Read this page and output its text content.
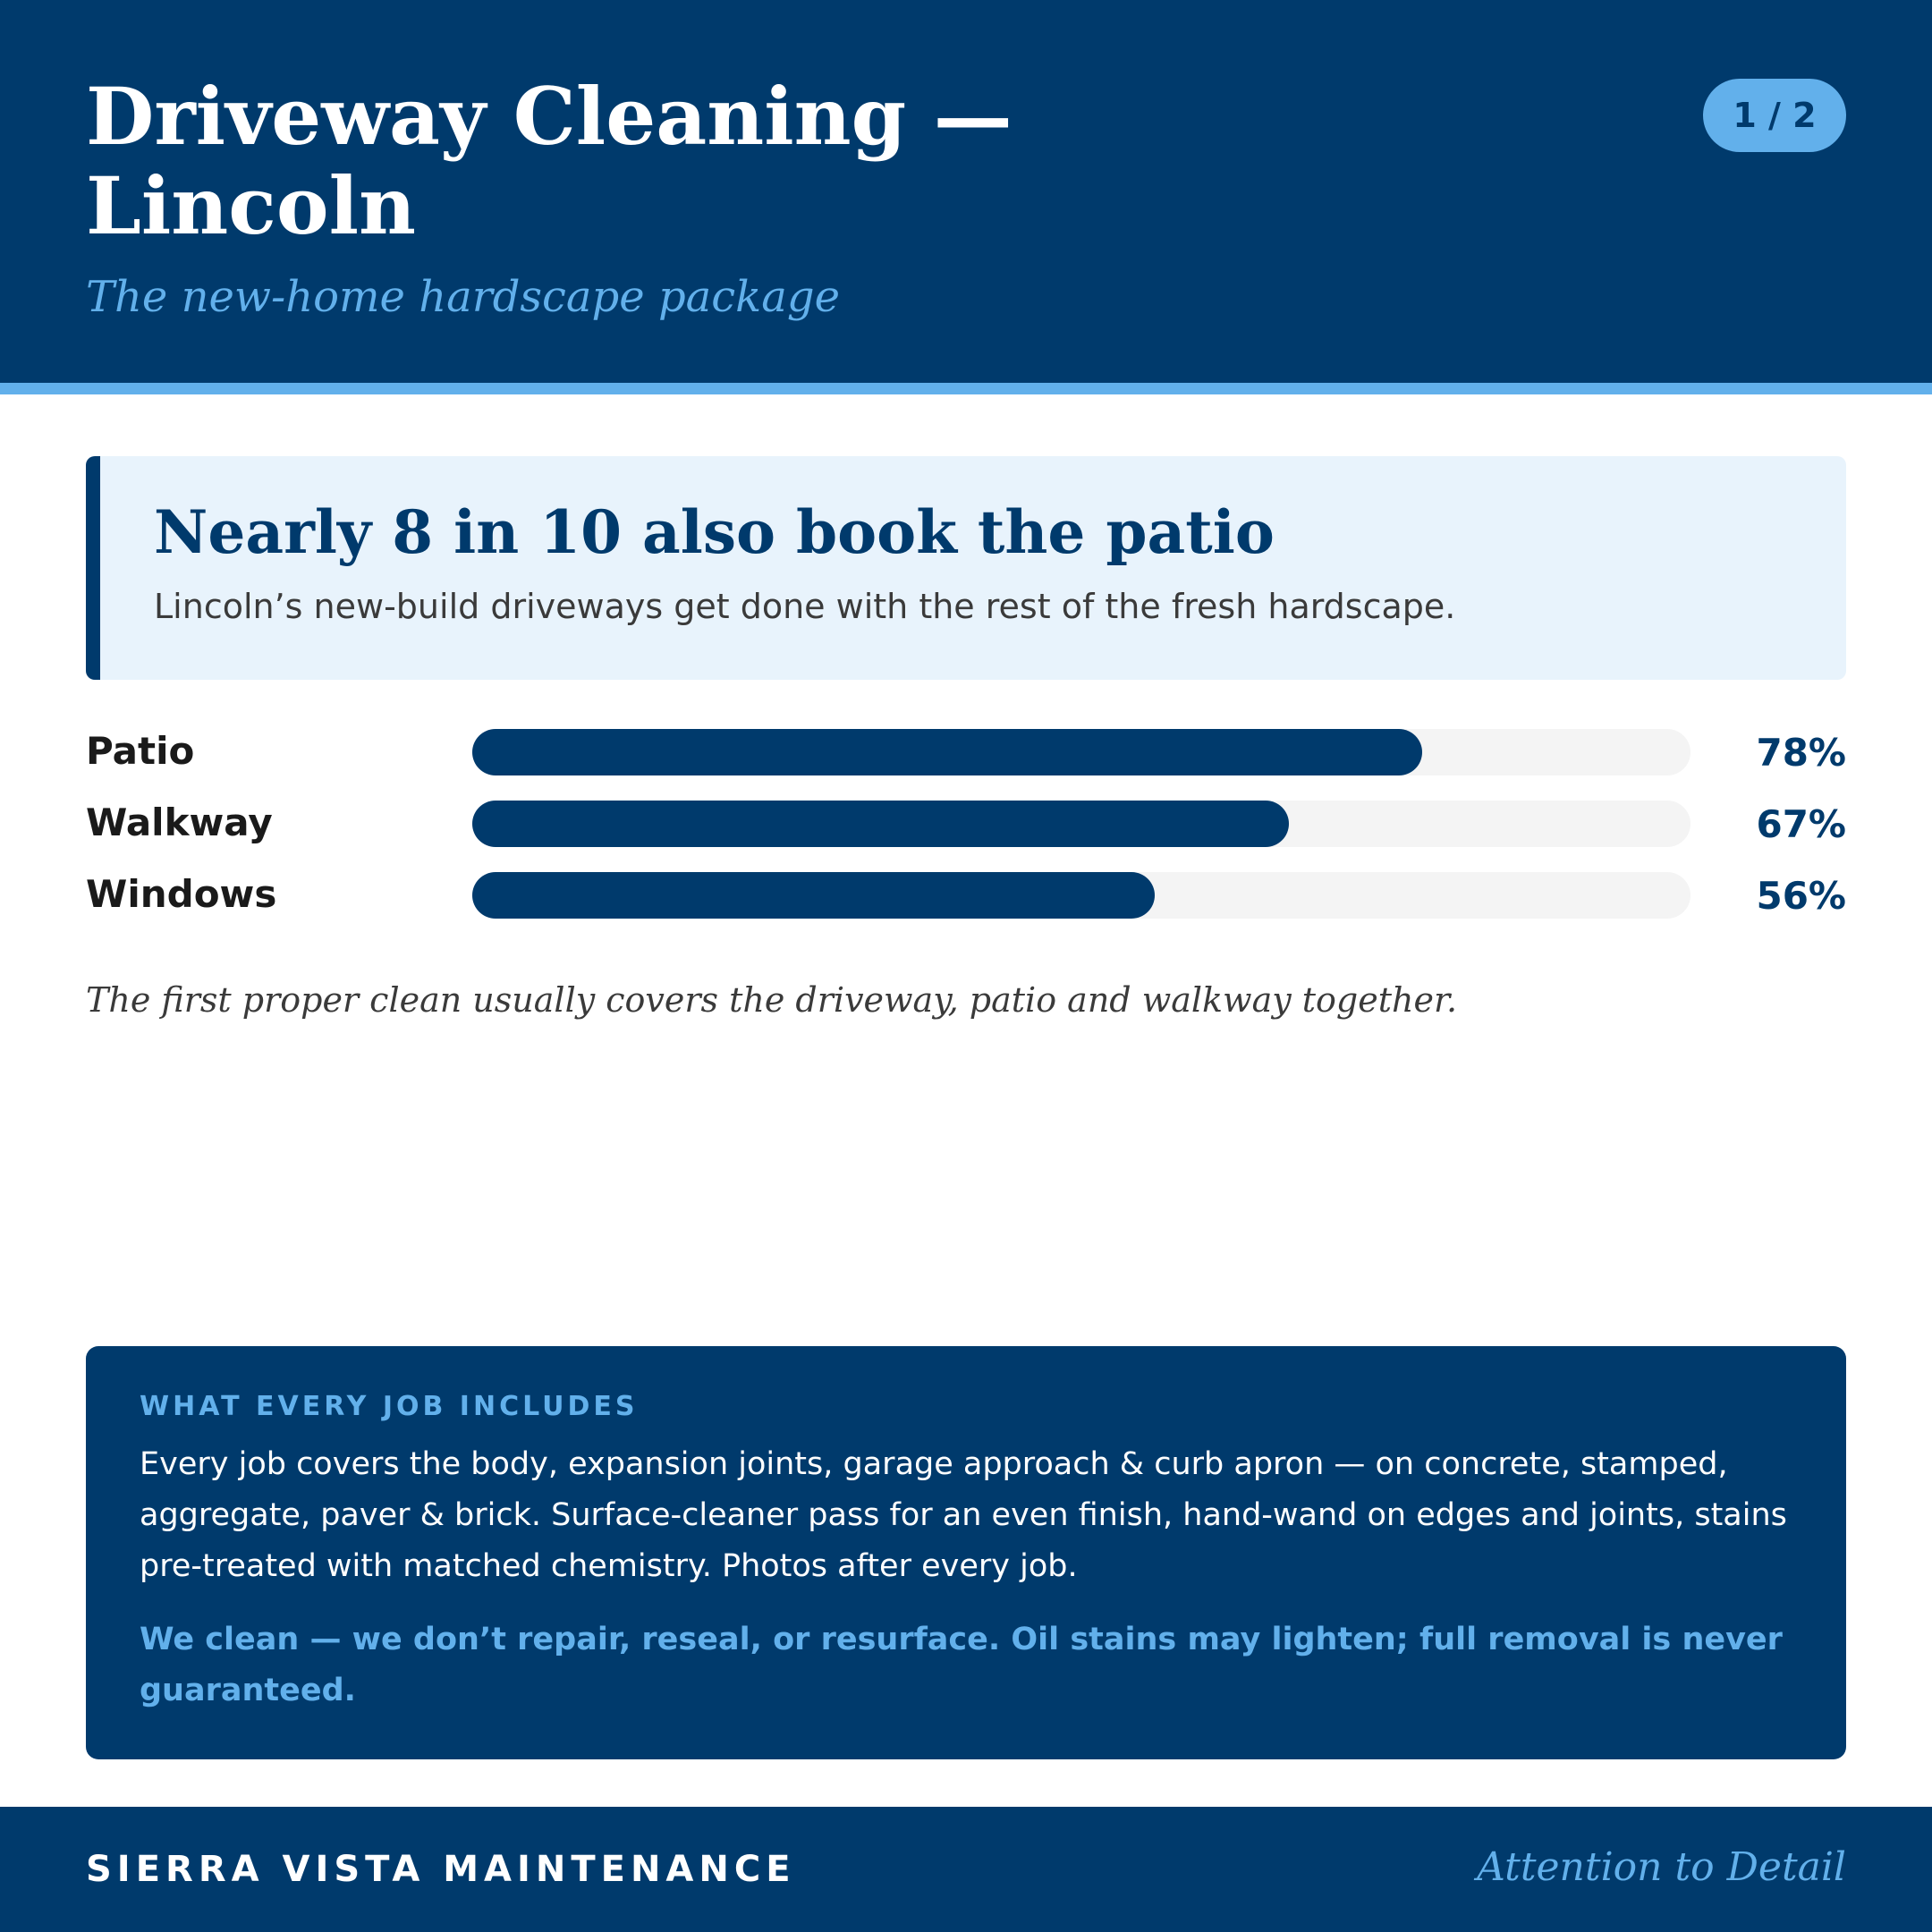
Driveway Cleaning — Lincoln

The new-home hardscape package

1 / 2
Nearly 8 in 10 also book the patio

Lincoln’s new-build driveways get done with the rest of the fresh hardscape.

Patio	78%
Walkway	67%
Windows	56%

The first proper clean usually covers the driveway, patio and walkway together.

WHAT EVERY JOB INCLUDES

Every job covers the body, expansion joints, garage approach & curb apron — on concrete, stamped, aggregate, paver & brick. Surface-cleaner pass for an even finish, hand-wand on edges and joints, stains pre-treated with matched chemistry. Photos after every job.

We clean — we don’t repair, reseal, or resurface. Oil stains may lighten; full removal is never guaranteed.

SIERRA VISTA MAINTENANCE	Attention to Detail
